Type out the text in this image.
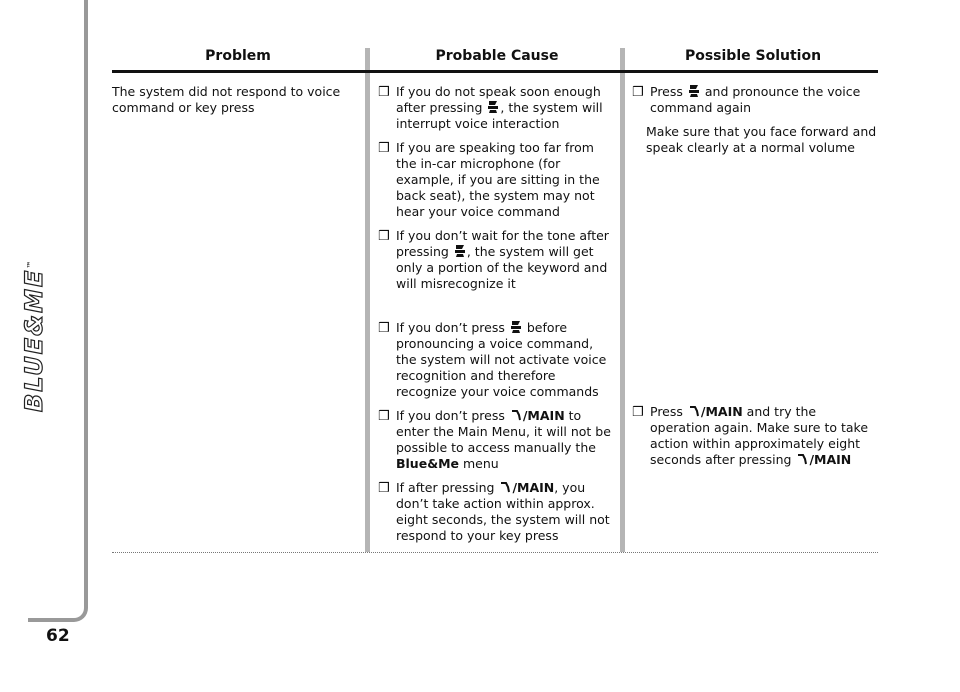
BLUE&ME™
62
Problem	Probable Cause	Possible Solution

The system did not respond to voice command or key press

❒ If you do not speak soon enough after pressing , the system will interrupt voice interaction

❒ If you are speaking too far from the in-car microphone (for example, if you are sitting in the back seat), the system may not hear your voice command

❒ If you don’t wait for the tone after pressing , the system will get only a portion of the keyword and will misrecognize it

❒ If you don’t press before pronouncing a voice command, the system will not activate voice recognition and therefore recognize your voice commands

❒ If you don’t press /MAIN to enter the Main Menu, it will not be possible to access manually the Blue&Me menu

❒ If after pressing /MAIN, you don’t take action within approx. eight seconds, the system will not respond to your key press

❒ Press and pronounce the voice command again

Make sure that you face forward and speak clearly at a normal volume

❒ Press /MAIN and try the operation again. Make sure to take action within approximately eight seconds after pressing /MAIN
